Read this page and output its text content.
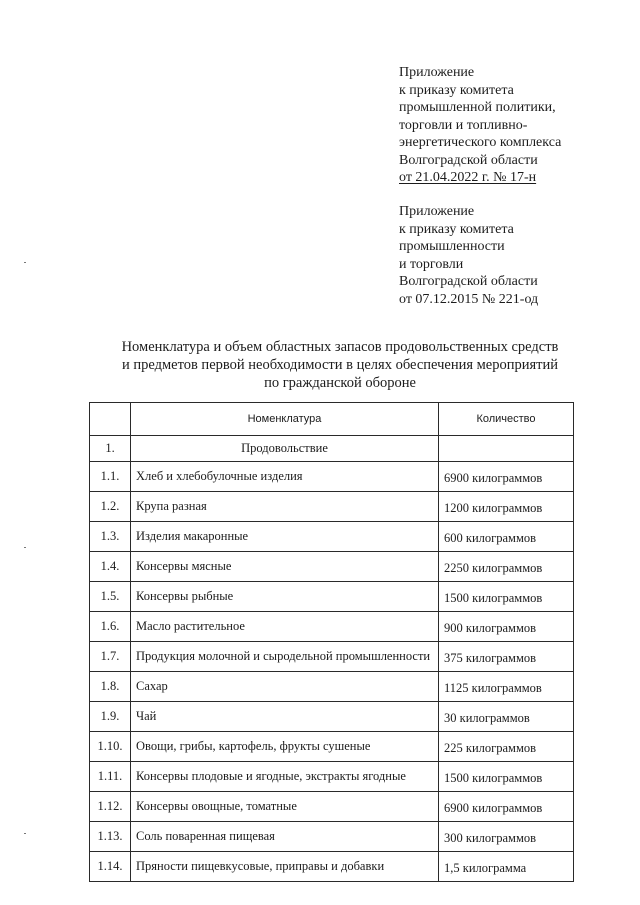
Приложение
к приказу комитета
промышленной политики,
торговли и топливно-
энергетического комплекса
Волгоградской области
от 21.04.2022 г. № 17-н
Приложение
к приказу комитета
промышленности
и торговли
Волгоградской области
от 07.12.2015 № 221-од
Номенклатура и объем областных запасов продовольственных средств
и предметов первой необходимости в целях обеспечения мероприятий
по гражданской обороне
	Номенклатура	Количество
1.	Продовольствие	
1.1.	Хлеб и хлебобулочные изделия	6900 килограммов
1.2.	Крупа разная	1200 килограммов
1.3.	Изделия макаронные	600 килограммов
1.4.	Консервы мясные	2250 килограммов
1.5.	Консервы рыбные	1500 килограммов
1.6.	Масло растительное	900 килограммов
1.7.	Продукция молочной и сыродельной промышленности	375 килограммов
1.8.	Сахар	1125 килограммов
1.9.	Чай	30 килограммов
1.10.	Овощи, грибы, картофель, фрукты сушеные	225 килограммов
1.11.	Консервы плодовые и ягодные, экстракты ягодные	1500 килограммов
1.12.	Консервы овощные, томатные	6900 килограммов
1.13.	Соль поваренная пищевая	300 килограммов
1.14.	Пряности пищевкусовые, приправы и добавки	1,5 килограмма
